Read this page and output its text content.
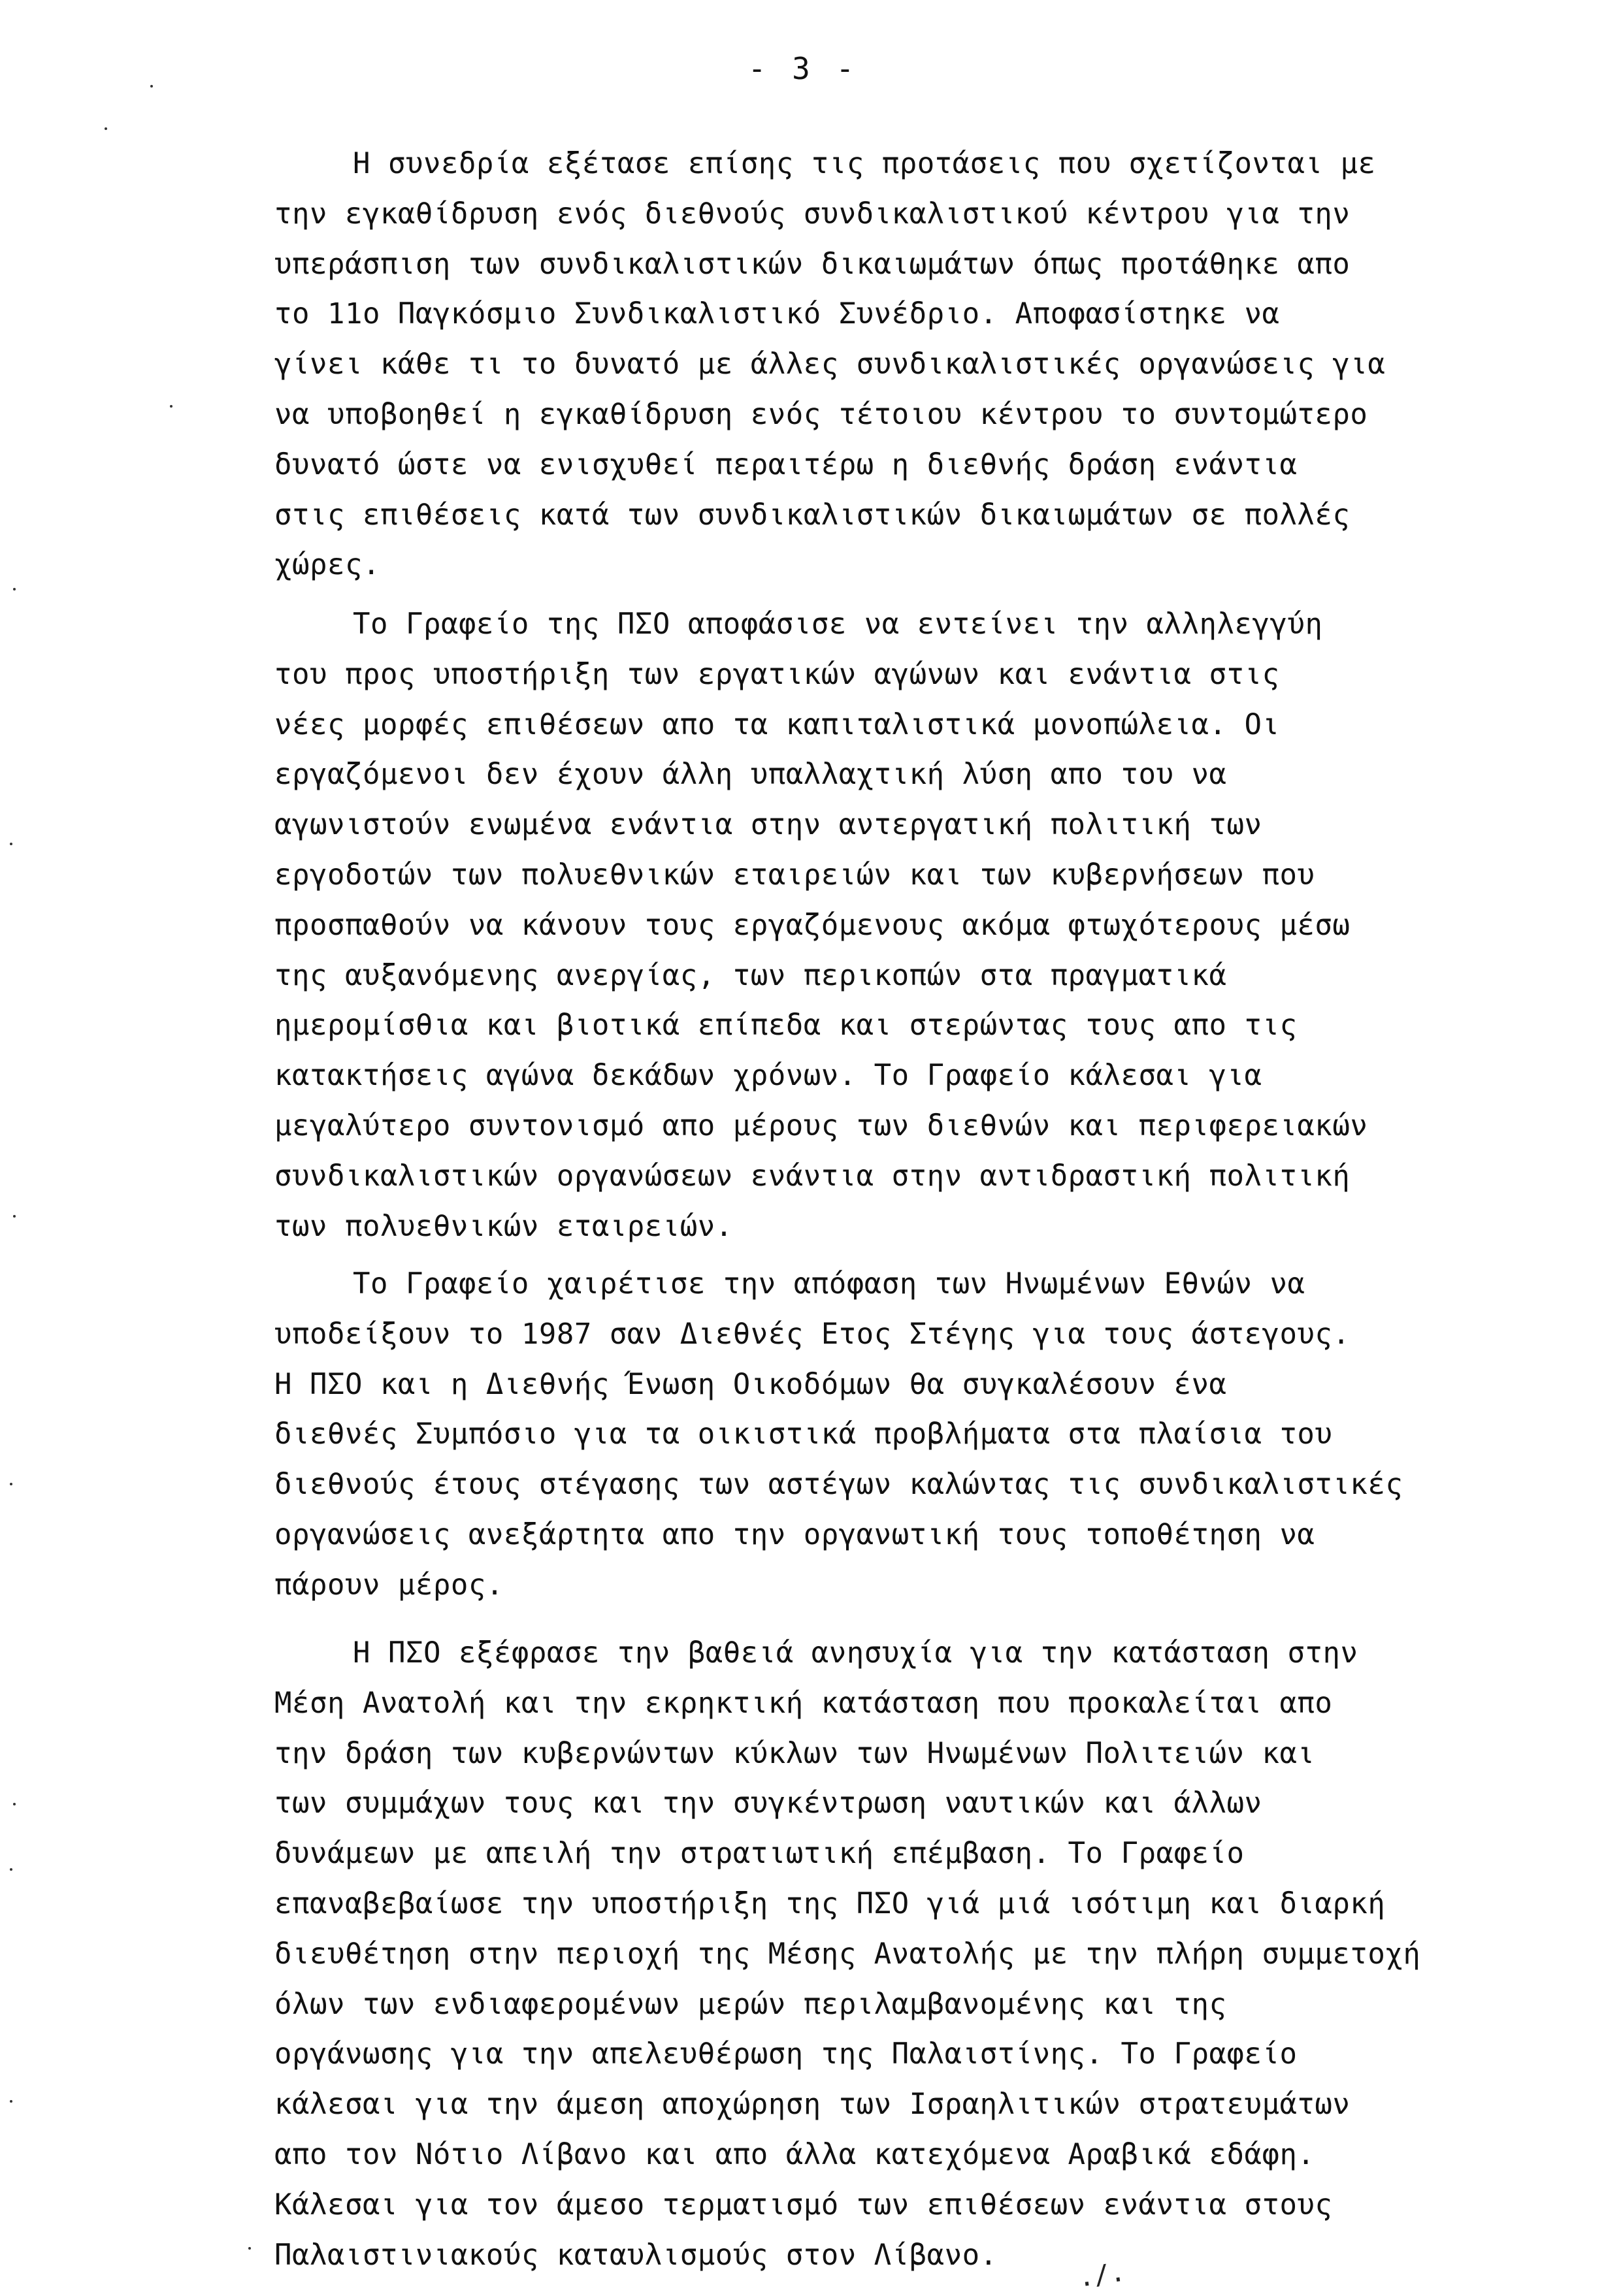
- 3 -
Η συνεδρία εξέτασε επίσης τις προτάσεις που σχετίζονται με
την εγκαθίδρυση ενός διεθνούς συνδικαλιστικού κέντρου για την
υπεράσπιση των συνδικαλιστικών δικαιωμάτων όπως προτάθηκε απο
το 11ο Παγκόσμιο Συνδικαλιστικό Συνέδριο. Αποφασίστηκε να
γίνει κάθε τι το δυνατό με άλλες συνδικαλιστικές οργανώσεις για
να υποβοηθεί η εγκαθίδρυση ενός τέτοιου κέντρου το συντομώτερο
δυνατό ώστε να ενισχυθεί περαιτέρω η διεθνής δράση ενάντια
στις επιθέσεις κατά των συνδικαλιστικών δικαιωμάτων σε πολλές
χώρες.
Το Γραφείο της ΠΣΟ αποφάσισε να εντείνει την αλληλεγγύη
του προς υποστήριξη των εργατικών αγώνων και ενάντια στις
νέες μορφές επιθέσεων απο τα καπιταλιστικά μονοπώλεια. Οι
εργαζόμενοι δεν έχουν άλλη υπαλλαχτική λύση απο του να
αγωνιστούν ενωμένα ενάντια στην αντεργατική πολιτική των
εργοδοτών των πολυεθνικών εταιρειών και των κυβερνήσεων που
προσπαθούν να κάνουν τους εργαζόμενους ακόμα φτωχότερους μέσω
της αυξανόμενης ανεργίας, των περικοπών στα πραγματικά
ημερομίσθια και βιοτικά επίπεδα και στερώντας τους απο τις
κατακτήσεις αγώνα δεκάδων χρόνων. Το Γραφείο κάλεσαι για
μεγαλύτερο συντονισμό απο μέρους των διεθνών και περιφερειακών
συνδικαλιστικών οργανώσεων ενάντια στην αντιδραστική πολιτική
των πολυεθνικών εταιρειών.
Το Γραφείο χαιρέτισε την απόφαση των Ηνωμένων Εθνών να
υποδείξουν το 1987 σαν Διεθνές Ετος Στέγης για τους άστεγους.
Η ΠΣΟ και η Διεθνής Ένωση Οικοδόμων θα συγκαλέσουν ένα
διεθνές Συμπόσιο για τα οικιστικά προβλήματα στα πλαίσια του
διεθνούς έτους στέγασης των αστέγων καλώντας τις συνδικαλιστικές
οργανώσεις ανεξάρτητα απο την οργανωτική τους τοποθέτηση να
πάρουν μέρος.
Η ΠΣΟ εξέφρασε την βαθειά ανησυχία για την κατάσταση στην
Μέση Ανατολή και την εκρηκτική κατάσταση που προκαλείται απο
την δράση των κυβερνώντων κύκλων των Ηνωμένων Πολιτειών και
των συμμάχων τους και την συγκέντρωση ναυτικών και άλλων
δυνάμεων με απειλή την στρατιωτική επέμβαση. Το Γραφείο
επαναβεβαίωσε την υποστήριξη της ΠΣΟ γιά μιά ισότιμη και διαρκή
διευθέτηση στην περιοχή της Μέσης Ανατολής με την πλήρη συμμετοχή
όλων των ενδιαφερομένων μερών περιλαμβανομένης και της
οργάνωσης για την απελευθέρωση της Παλαιστίνης. Το Γραφείο
κάλεσαι για την άμεση αποχώρηση των Ισραηλιτικών στρατευμάτων
απο τον Νότιο Λίβανο και απο άλλα κατεχόμενα Αραβικά εδάφη.
Κάλεσαι για τον άμεσο τερματισμό των επιθέσεων ενάντια στους
Παλαιστινιακούς καταυλισμούς στον Λίβανο.
./.
